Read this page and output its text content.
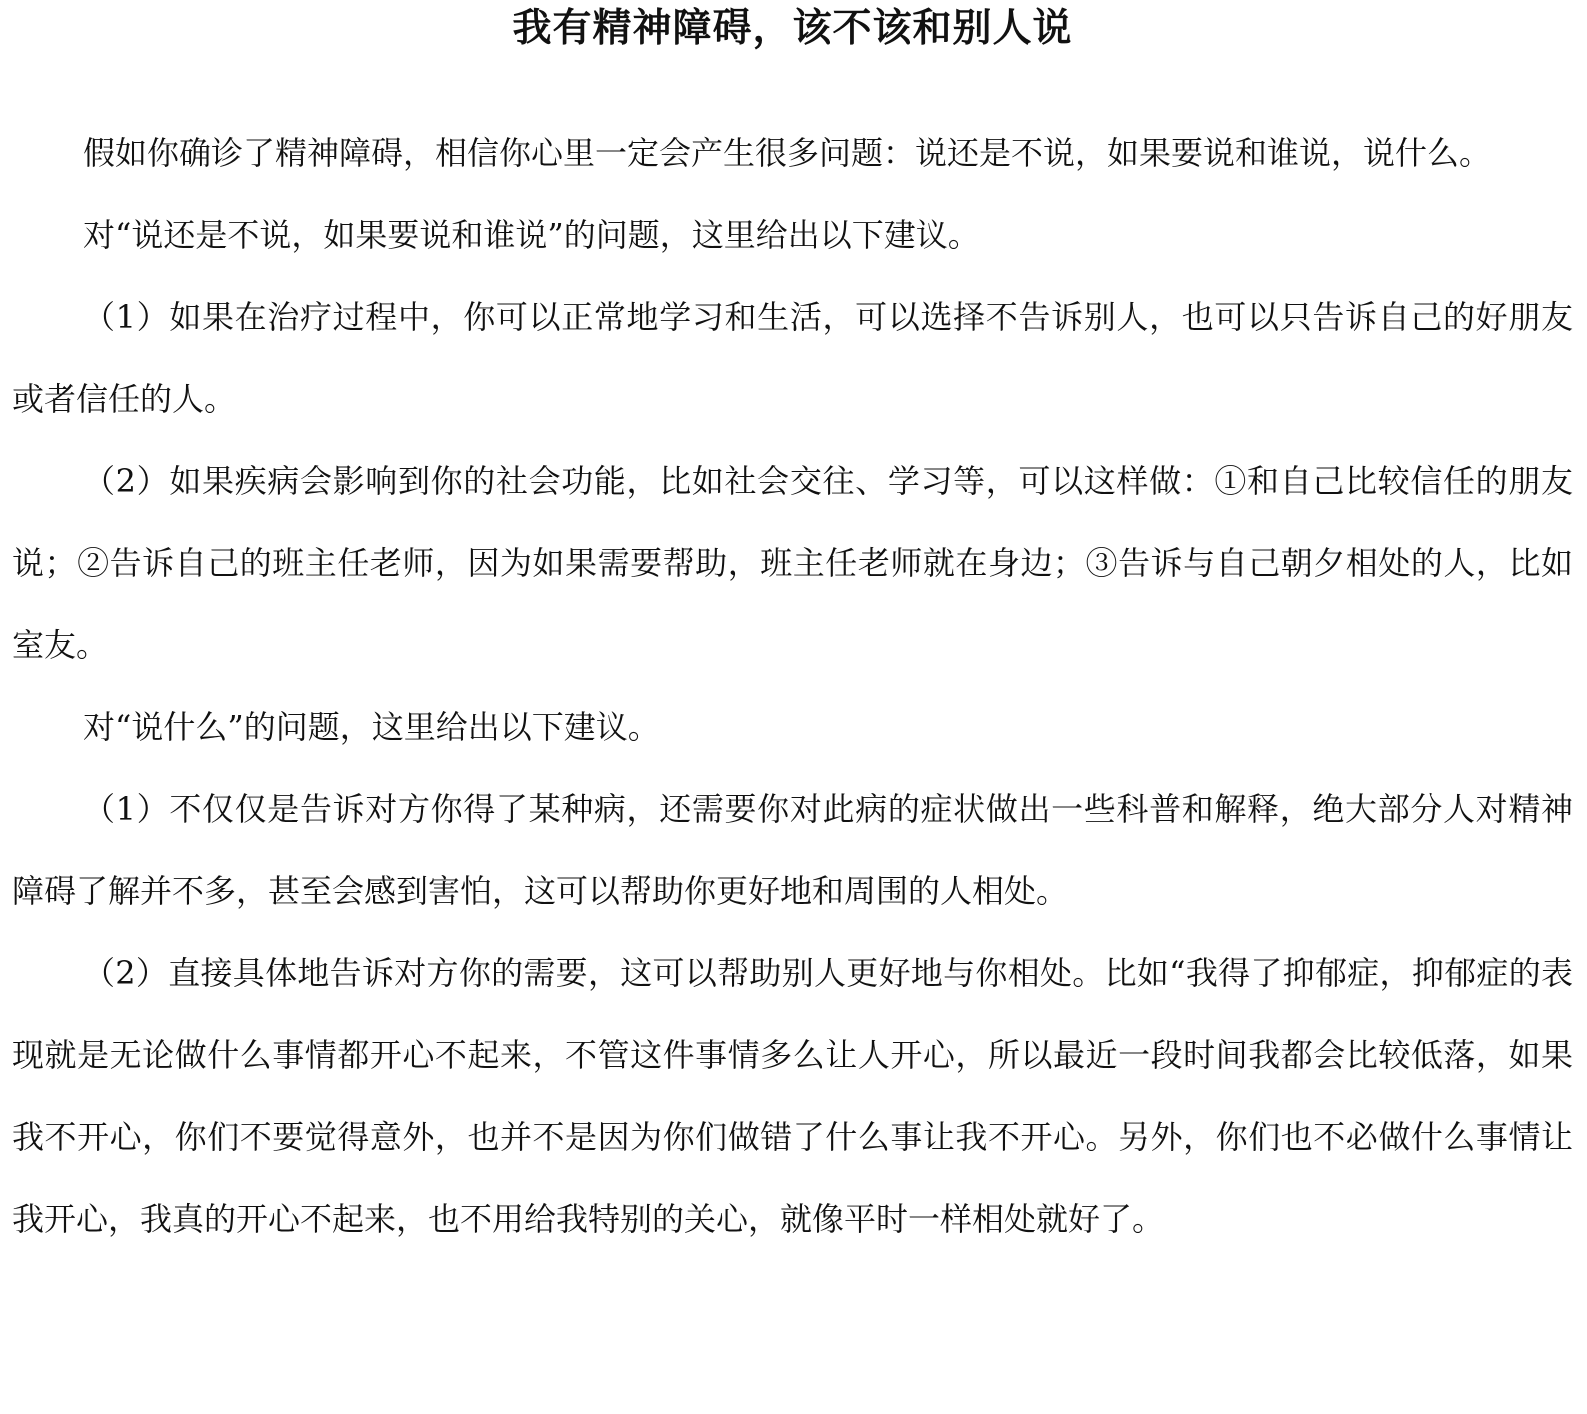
我有精神障碍，该不该和别人说

假如你确诊了精神障碍，相信你心里一定会产生很多问题：说还是不说，如果要说和谁说，说什么。

对“说还是不说，如果要说和谁说”的问题，这里给出以下建议。

（1）如果在治疗过程中，你可以正常地学习和生活，可以选择不告诉别人，也可以只告诉自己的好朋友或者信任的人。

（2）如果疾病会影响到你的社会功能，比如社会交往、学习等，可以这样做：①和自己比较信任的朋友说；②告诉自己的班主任老师，因为如果需要帮助，班主任老师就在身边；③告诉与自己朝夕相处的人，比如室友。

对“说什么”的问题，这里给出以下建议。

（1）不仅仅是告诉对方你得了某种病，还需要你对此病的症状做出一些科普和解释，绝大部分人对精神障碍了解并不多，甚至会感到害怕，这可以帮助你更好地和周围的人相处。

（2）直接具体地告诉对方你的需要，这可以帮助别人更好地与你相处。比如“我得了抑郁症，抑郁症的表现就是无论做什么事情都开心不起来，不管这件事情多么让人开心，所以最近一段时间我都会比较低落，如果我不开心，你们不要觉得意外，也并不是因为你们做错了什么事让我不开心。另外，你们也不必做什么事情让我开心，我真的开心不起来，也不用给我特别的关心，就像平时一样相处就好了。
